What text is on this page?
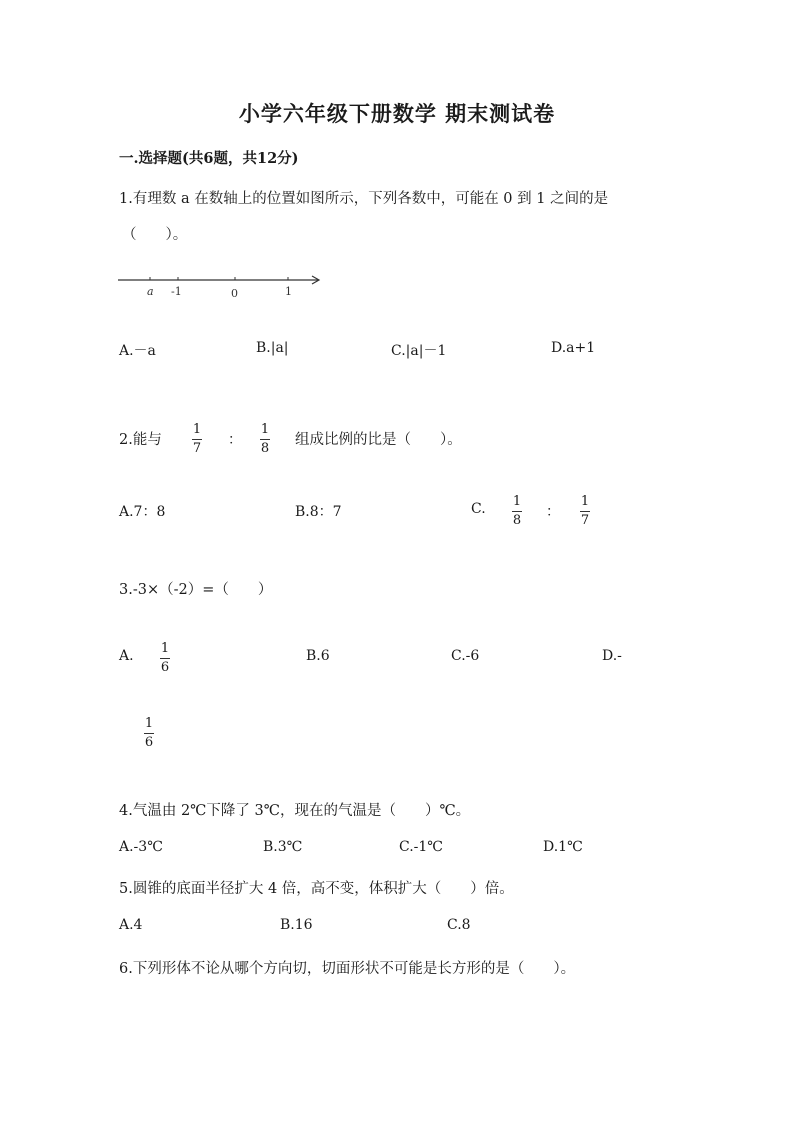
小学六年级下册数学 期末测试卷
一.选择题(共6题，共12分)
1.有理数 a 在数轴上的位置如图所示，下列各数中，可能在 0 到 1 之间的是
（　　）。
a -1	0	1
A.－a	B.|a|	C.|a|－1	D.a+1
2.能与
1
7
：
1
8
组成比例的比是（　　）。
A.7：8	B.8：7	C. 1
8
：
1
7
3.-3×（-2）=（　　）
A. 1
6
B.6	C.-6	D.-
1
6
4.气温由 2℃下降了 3℃，现在的气温是（　　）℃。
A.-3℃	B.3℃	C.-1℃	D.1℃
5.圆锥的底面半径扩大 4 倍，高不变，体积扩大（　　）倍。
A.4	B.16	C.8
6.下列形体不论从哪个方向切，切面形状不可能是长方形的是（　　）。
